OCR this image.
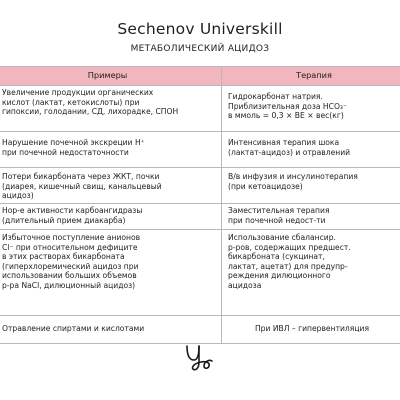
Sechenov Universkill
МЕТАБОЛИЧЕСКИЙ АЦИДОЗ
Примеры	Терапия
Увеличение продукции органических
кислот (лактат, кетокислоты) при
гипоксии, голодании, СД, лихорадке, СПОН
Гидрокарбонат натрия.
Приблизительная доза HCO₃⁻
в ммоль = 0,3 × BE × вес(кг)
Нарушение почечной экскреции H⁺
при почечной недостаточности
Интенсивная терапия шока
(лактат-ацидоз) и отравлений
Потери бикарбоната через ЖКТ, почки
(диарея, кишечный свищ, канальцевый
ацидоз)
В/в инфузия и инсулинотерапия
(при кетоацидозе)
Нор-е активности карбоангидразы
(длительный прием диакарба)
Заместительная терапия
при почечной недост-ти
Избыточное поступление анионов
Cl⁻ при относительном дефиците
в этих растворах бикарбоната
(гиперхлоремический ацидоз при
использовании больших объемов
р-ра NaCl, дилюционный ацидоз)
Использование сбалансир.
р-ров, содержащих предшест.
бикарбоната (сукцинат,
лактат, ацетат) для предупр-
реждения дилюционного
ацидоза
Отравление спиртами и кислотами	При ИВЛ – гипервентиляция
